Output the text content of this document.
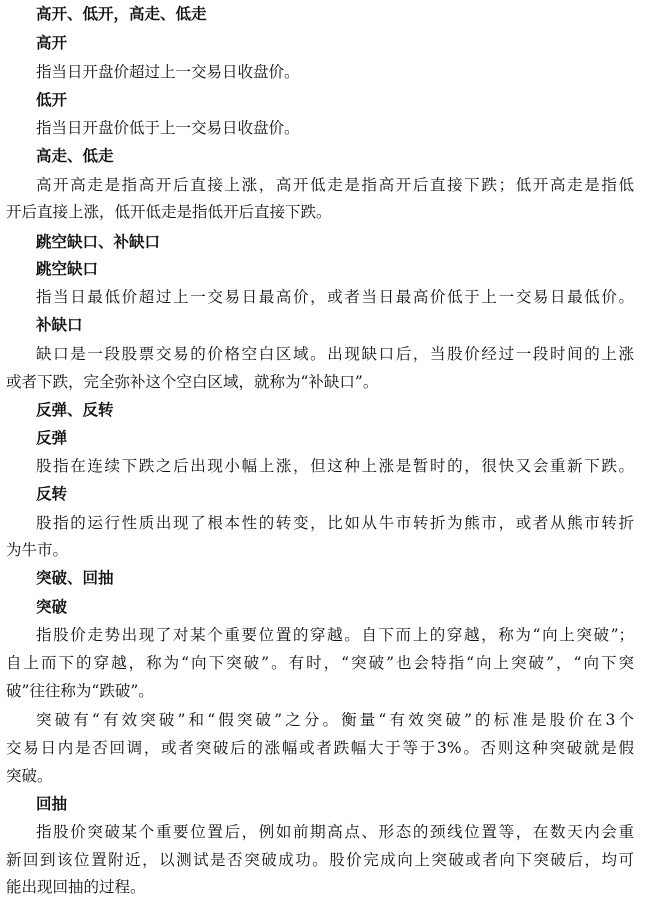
高开、低开，高走、低走
高开
指当日开盘价超过上一交易日收盘价。
低开
指当日开盘价低于上一交易日收盘价。
高走、低走
高开高走是指高开后直接上涨，高开低走是指高开后直接下跌；低开高走是指低
开后直接上涨，低开低走是指低开后直接下跌。
跳空缺口、补缺口
跳空缺口
指当日最低价超过上一交易日最高价，或者当日最高价低于上一交易日最低价。
补缺口
缺口是一段股票交易的价格空白区域。出现缺口后，当股价经过一段时间的上涨
或者下跌，完全弥补这个空白区域，就称为“补缺口”。
反弹、反转
反弹
股指在连续下跌之后出现小幅上涨，但这种上涨是暂时的，很快又会重新下跌。
反转
股指的运行性质出现了根本性的转变，比如从牛市转折为熊市，或者从熊市转折
为牛市。
突破、回抽
突破
指股价走势出现了对某个重要位置的穿越。自下而上的穿越，称为“向上突破”；
自上而下的穿越，称为“向下突破”。有时，“突破”也会特指“向上突破”，“向下突
破”往往称为“跌破”。
突破有“有效突破”和“假突破”之分。衡量“有效突破”的标准是股价在3个
交易日内是否回调，或者突破后的涨幅或者跌幅大于等于3%。否则这种突破就是假
突破。
回抽
指股价突破某个重要位置后，例如前期高点、形态的颈线位置等，在数天内会重
新回到该位置附近，以测试是否突破成功。股价完成向上突破或者向下突破后，均可
能出现回抽的过程。
